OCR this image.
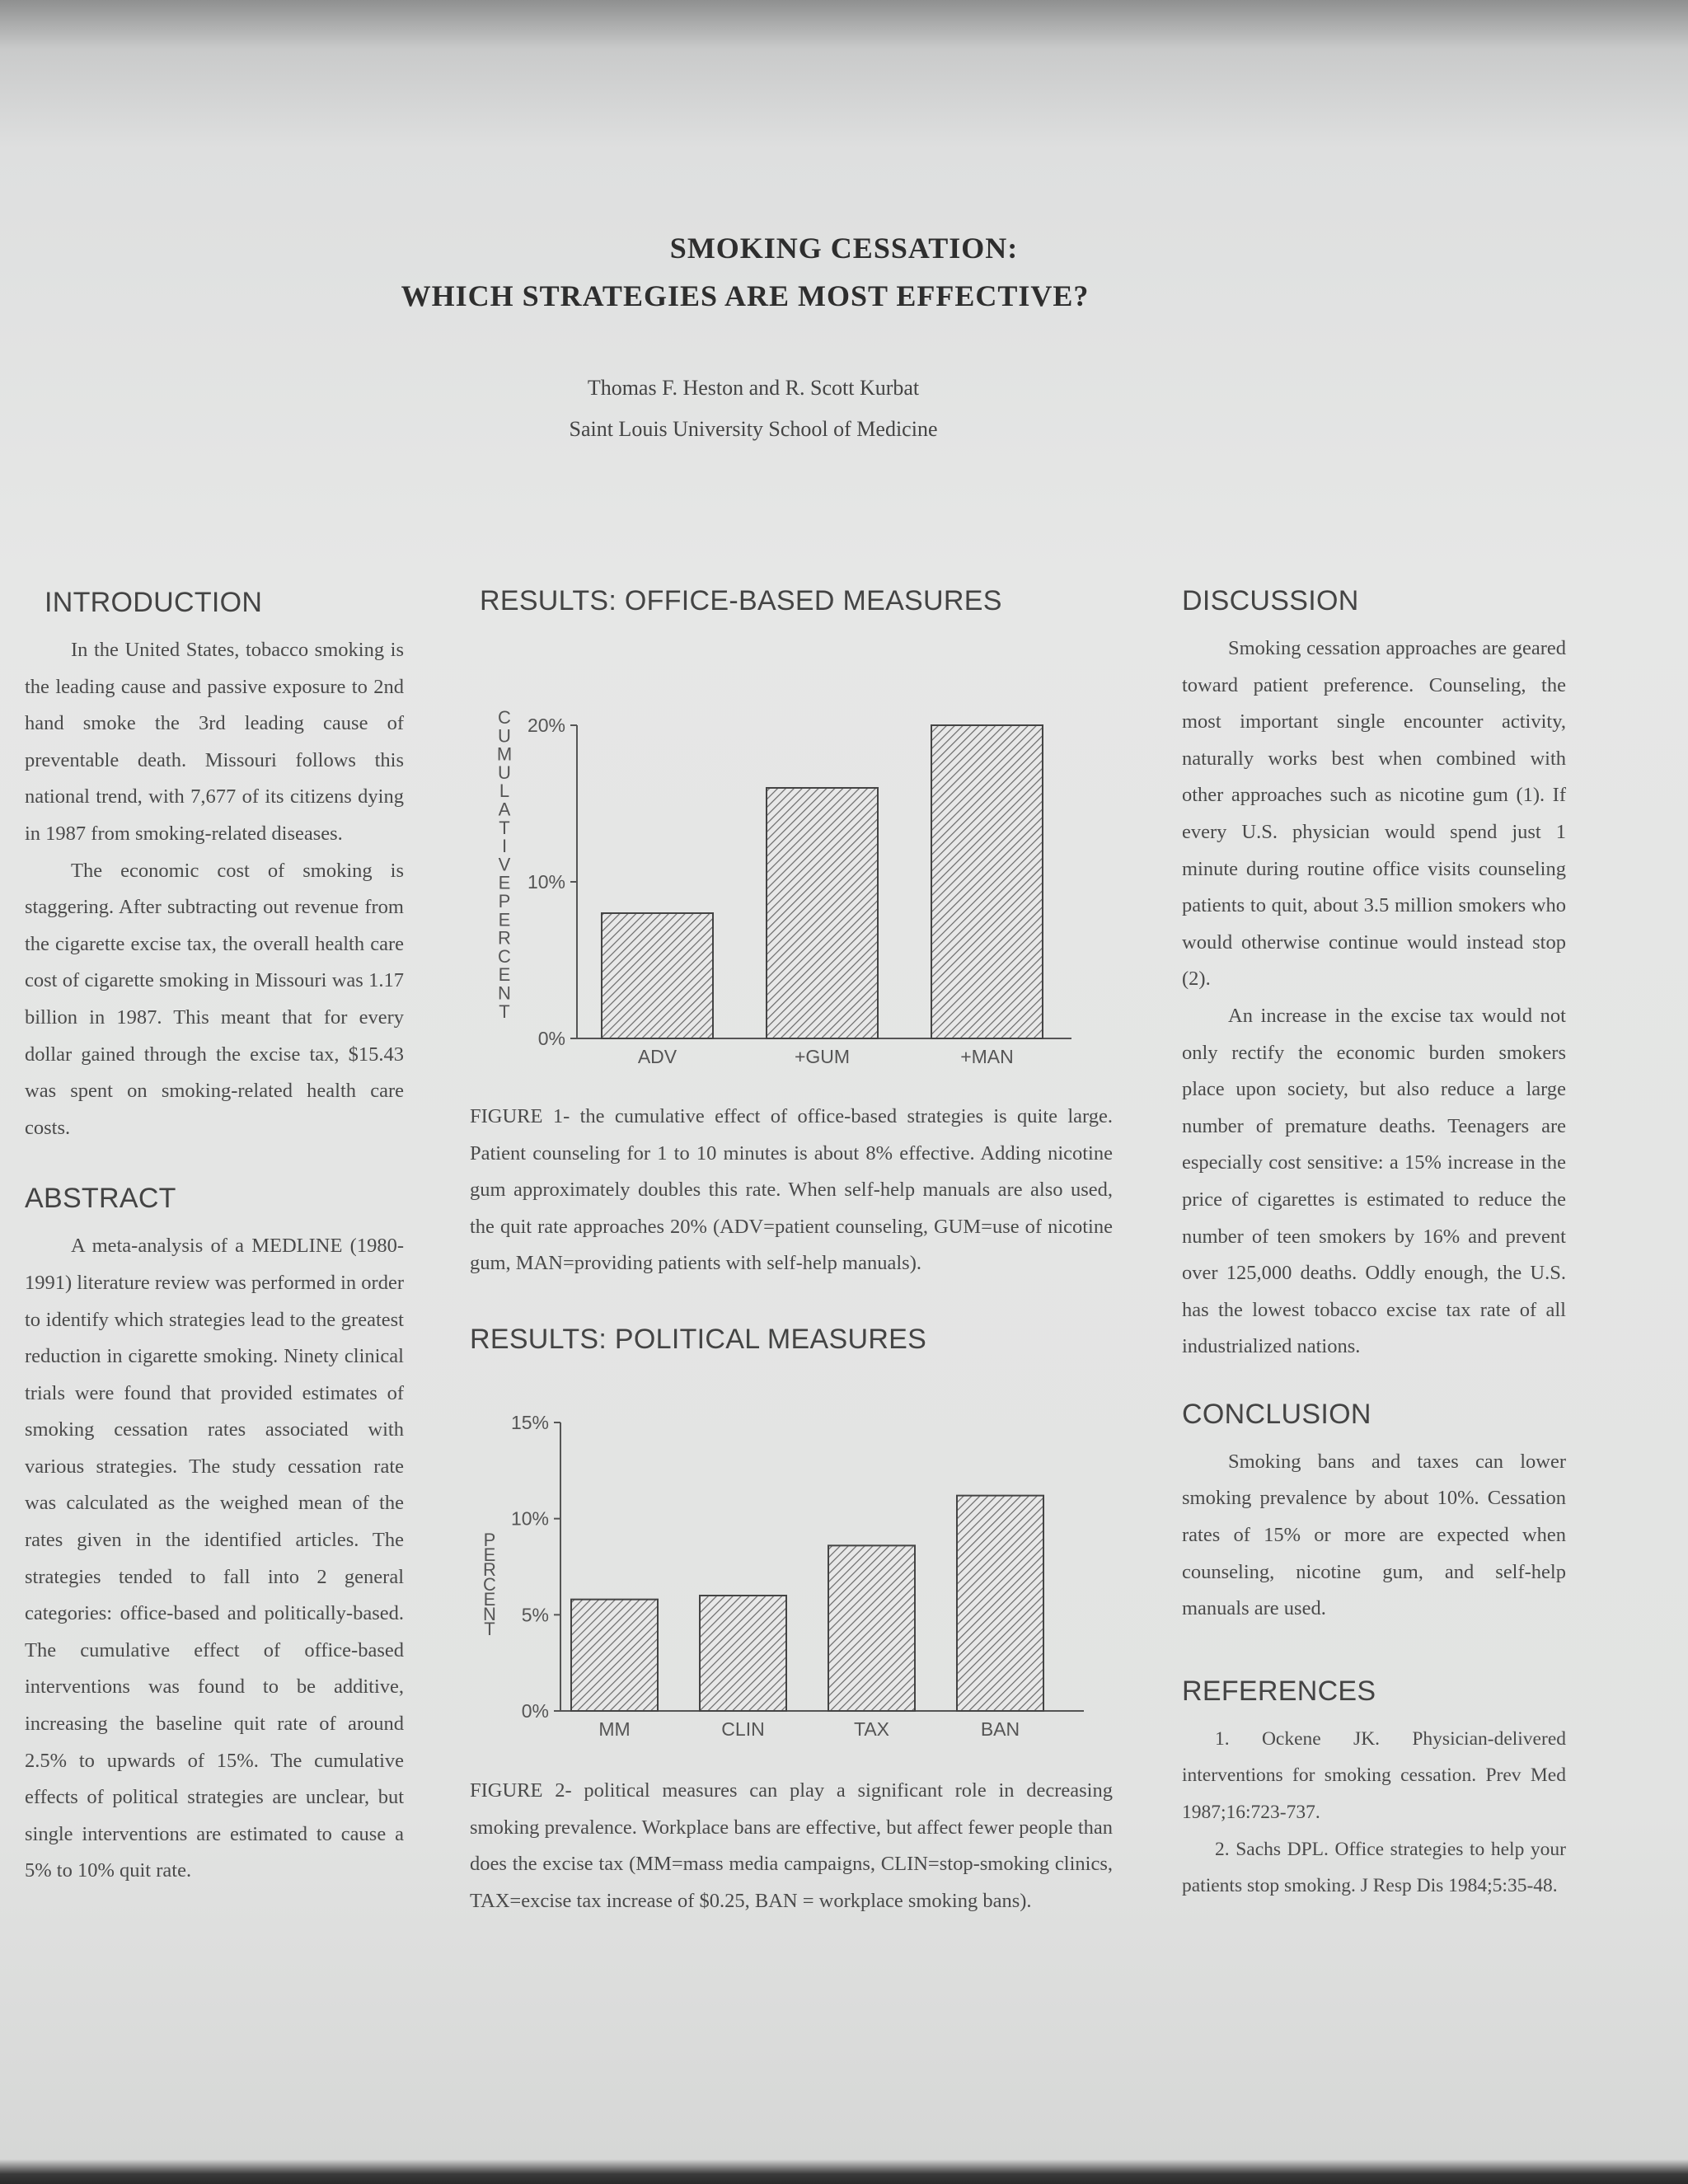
SMOKING CESSATION:
WHICH STRATEGIES ARE MOST EFFECTIVE?
Thomas F. Heston and R. Scott Kurbat
Saint Louis University School of Medicine
INTRODUCTION

In the United States, tobacco smoking is the leading cause and passive exposure to 2nd hand smoke the 3rd leading cause of preventable death. Missouri follows this national trend, with 7,677 of its citizens dying in 1987 from smoking-related diseases.

The economic cost of smoking is staggering. After subtracting out revenue from the cigarette excise tax, the overall health care cost of cigarette smoking in Missouri was 1.17 billion in 1987. This meant that for every dollar gained through the excise tax, $15.43 was spent on smoking-related health care costs.

ABSTRACT

A meta-analysis of a MEDLINE (1980-1991) literature review was performed in order to identify which strategies lead to the greatest reduction in cigarette smoking. Ninety clinical trials were found that provided estimates of smoking cessation rates associated with various strategies. The study cessation rate was calculated as the weighed mean of the rates given in the identified articles. The strategies tended to fall into 2 general categories: office-based and politically-based. The cumulative effect of office-based interventions was found to be additive, increasing the baseline quit rate of around 2.5% to upwards of 15%. The cumulative effects of political strategies are unclear, but single interventions are estimated to cause a 5% to 10% quit rate.

RESULTS: OFFICE-BASED MEASURES
0%
10%
20%
C
U
M
U
L
A
T
I
V
E
P
E
R
C
E
N
T
ADV	+GUM	+MAN

FIGURE 1- the cumulative effect of office-based strategies is quite large. Patient counseling for 1 to 10 minutes is about 8% effective. Adding nicotine gum approximately doubles this rate. When self-help manuals are also used, the quit rate approaches 20% (ADV=patient counseling, GUM=use of nicotine gum, MAN=providing patients with self-help manuals).

RESULTS: POLITICAL MEASURES
0%
5%
10%
15%
P
E
R
C
E
N
T
MM	CLIN	TAX	BAN

FIGURE 2- political measures can play a significant role in decreasing smoking prevalence. Workplace bans are effective, but affect fewer people than does the excise tax (MM=mass media campaigns, CLIN=stop-smoking clinics, TAX=excise tax increase of $0.25, BAN = workplace smoking bans).

DISCUSSION

Smoking cessation approaches are geared toward patient preference. Counseling, the most important single encounter activity, naturally works best when combined with other approaches such as nicotine gum (1). If every U.S. physician would spend just 1 minute during routine office visits counseling patients to quit, about 3.5 million smokers who would otherwise continue would instead stop (2).

An increase in the excise tax would not only rectify the economic burden smokers place upon society, but also reduce a large number of premature deaths. Teenagers are especially cost sensitive: a 15% increase in the price of cigarettes is estimated to reduce the number of teen smokers by 16% and prevent over 125,000 deaths. Oddly enough, the U.S. has the lowest tobacco excise tax rate of all industrialized nations.

CONCLUSION

Smoking bans and taxes can lower smoking prevalence by about 10%. Cessation rates of 15% or more are expected when counseling, nicotine gum, and self-help manuals are used.

REFERENCES

1. Ockene JK. Physician-delivered interventions for smoking cessation. Prev Med 1987;16:723-737.

2. Sachs DPL. Office strategies to help your patients stop smoking. J Resp Dis 1984;5:35-48.
